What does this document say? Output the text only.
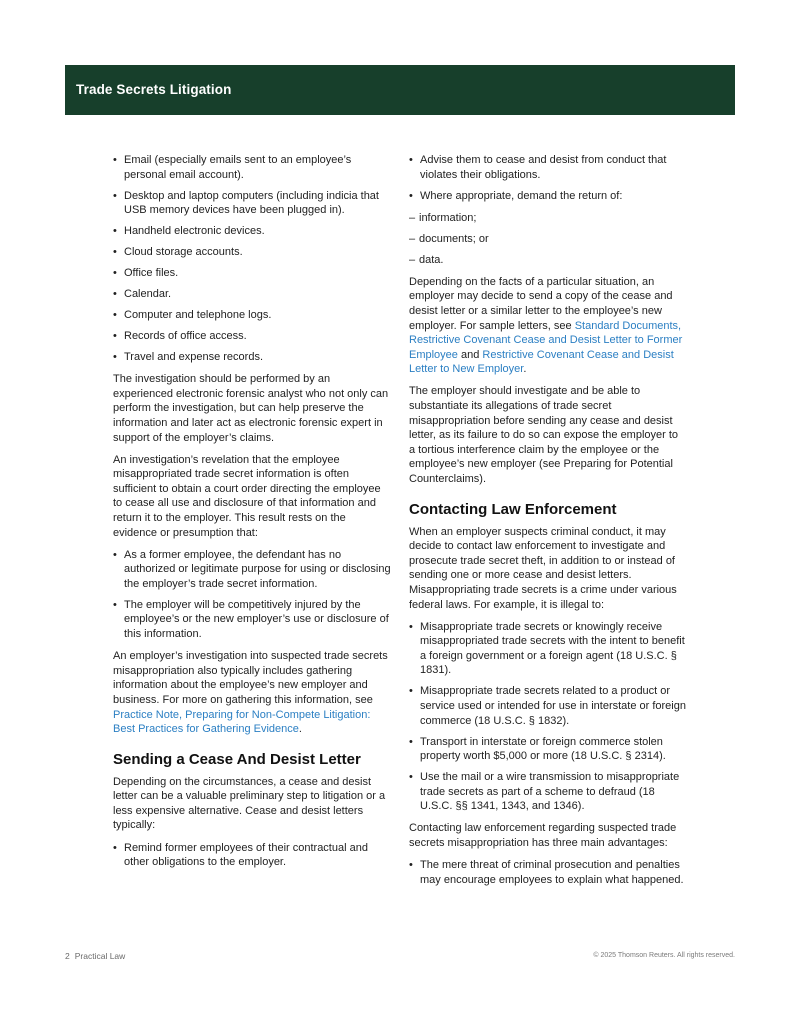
Trade Secrets Litigation
• Email (especially emails sent to an employee’s personal email account).
• Desktop and laptop computers (including indicia that USB memory devices have been plugged in).
• Handheld electronic devices.
• Cloud storage accounts.
• Office files.
• Calendar.
• Computer and telephone logs.
• Records of office access.
• Travel and expense records.

The investigation should be performed by an experienced electronic forensic analyst who not only can perform the investigation, but can help preserve the information and later act as electronic forensic expert in support of the employer’s claims.

An investigation’s revelation that the employee misappropriated trade secret information is often sufficient to obtain a court order directing the employee to cease all use and disclosure of that information and return it to the employer. This result rests on the evidence or presumption that:

• As a former employee, the defendant has no authorized or legitimate purpose for using or disclosing the employer’s trade secret information.
• The employer will be competitively injured by the employee’s or the new employer’s use or disclosure of this information.

An employer’s investigation into suspected trade secrets misappropriation also typically includes gathering information about the employee’s new employer and business. For more on gathering this information, see Practice Note, Preparing for Non-Compete Litigation: Best Practices for Gathering Evidence.

Sending a Cease And Desist Letter

Depending on the circumstances, a cease and desist letter can be a valuable preliminary step to litigation or a less expensive alternative. Cease and desist letters typically:

• Remind former employees of their contractual and other obligations to the employer.
• Advise them to cease and desist from conduct that violates their obligations.
• Where appropriate, demand the return of:
– information;
– documents; or
– data.

Depending on the facts of a particular situation, an employer may decide to send a copy of the cease and desist letter or a similar letter to the employee’s new employer. For sample letters, see Standard Documents, Restrictive Covenant Cease and Desist Letter to Former Employee and Restrictive Covenant Cease and Desist Letter to New Employer.

The employer should investigate and be able to substantiate its allegations of trade secret misappropriation before sending any cease and desist letter, as its failure to do so can expose the employer to a tortious interference claim by the employee or the employee’s new employer (see Preparing for Potential Counterclaims).

Contacting Law Enforcement

When an employer suspects criminal conduct, it may decide to contact law enforcement to investigate and prosecute trade secret theft, in addition to or instead of sending one or more cease and desist letters. Misappropriating trade secrets is a crime under various federal laws. For example, it is illegal to:

• Misappropriate trade secrets or knowingly receive misappropriated trade secrets with the intent to benefit a foreign government or a foreign agent (18 U.S.C. § 1831).
• Misappropriate trade secrets related to a product or service used or intended for use in interstate or foreign commerce (18 U.S.C. § 1832).
• Transport in interstate or foreign commerce stolen property worth $5,000 or more (18 U.S.C. § 2314).
• Use the mail or a wire transmission to misappropriate trade secrets as part of a scheme to defraud (18 U.S.C. §§ 1341, 1343, and 1346).

Contacting law enforcement regarding suspected trade secrets misappropriation has three main advantages:

• The mere threat of criminal prosecution and penalties may encourage employees to explain what happened.
2 Practical Law	© 2025 Thomson Reuters. All rights reserved.
